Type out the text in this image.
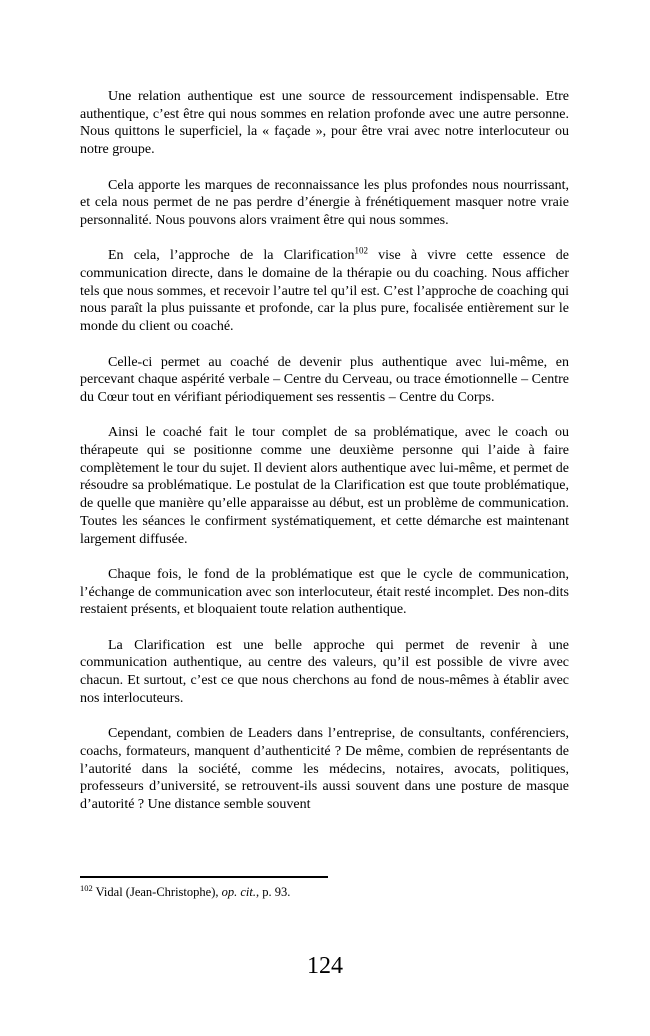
Une relation authentique est une source de ressourcement indispensable. Etre authentique, c’est être qui nous sommes en relation profonde avec une autre personne. Nous quittons le superficiel, la « façade », pour être vrai avec notre interlocuteur ou notre groupe.

Cela apporte les marques de reconnaissance les plus profondes nous nourrissant, et cela nous permet de ne pas perdre d’énergie à frénétiquement masquer notre vraie personnalité. Nous pouvons alors vraiment être qui nous sommes.

En cela, l’approche de la Clarification$^{102}$ vise à vivre cette essence de communication directe, dans le domaine de la thérapie ou du coaching. Nous afficher tels que nous sommes, et recevoir l’autre tel qu’il est. C’est l’approche de coaching qui nous paraît la plus puissante et profonde, car la plus pure, focalisée entièrement sur le monde du client ou coaché.

Celle-ci permet au coaché de devenir plus authentique avec lui-même, en percevant chaque aspérité verbale – Centre du Cerveau, ou trace émotionnelle – Centre du Cœur tout en vérifiant périodiquement ses ressentis – Centre du Corps.

Ainsi le coaché fait le tour complet de sa problématique, avec le coach ou thérapeute qui se positionne comme une deuxième personne qui l’aide à faire complètement le tour du sujet. Il devient alors authentique avec lui-même, et permet de résoudre sa problématique. Le postulat de la Clarification est que toute problématique, de quelle que manière qu’elle apparaisse au début, est un problème de communication. Toutes les séances le confirment systématiquement, et cette démarche est maintenant largement diffusée.

Chaque fois, le fond de la problématique est que le cycle de communication, l’échange de communication avec son interlocuteur, était resté incomplet. Des non-dits restaient présents, et bloquaient toute relation authentique.

La Clarification est une belle approche qui permet de revenir à une communication authentique, au centre des valeurs, qu’il est possible de vivre avec chacun. Et surtout, c’est ce que nous cherchons au fond de nous-mêmes à établir avec nos interlocuteurs.

Cependant, combien de Leaders dans l’entreprise, de consultants, conférenciers, coachs, formateurs, manquent d’authenticité ? De même, combien de représentants de l’autorité dans la société, comme les médecins, notaires, avocats, politiques, professeurs d’université, se retrouvent-ils aussi souvent dans une posture de masque d’autorité ? Une distance semble souvent

$^{102}$ Vidal (Jean-Christophe), op. cit., p. 93.

124
